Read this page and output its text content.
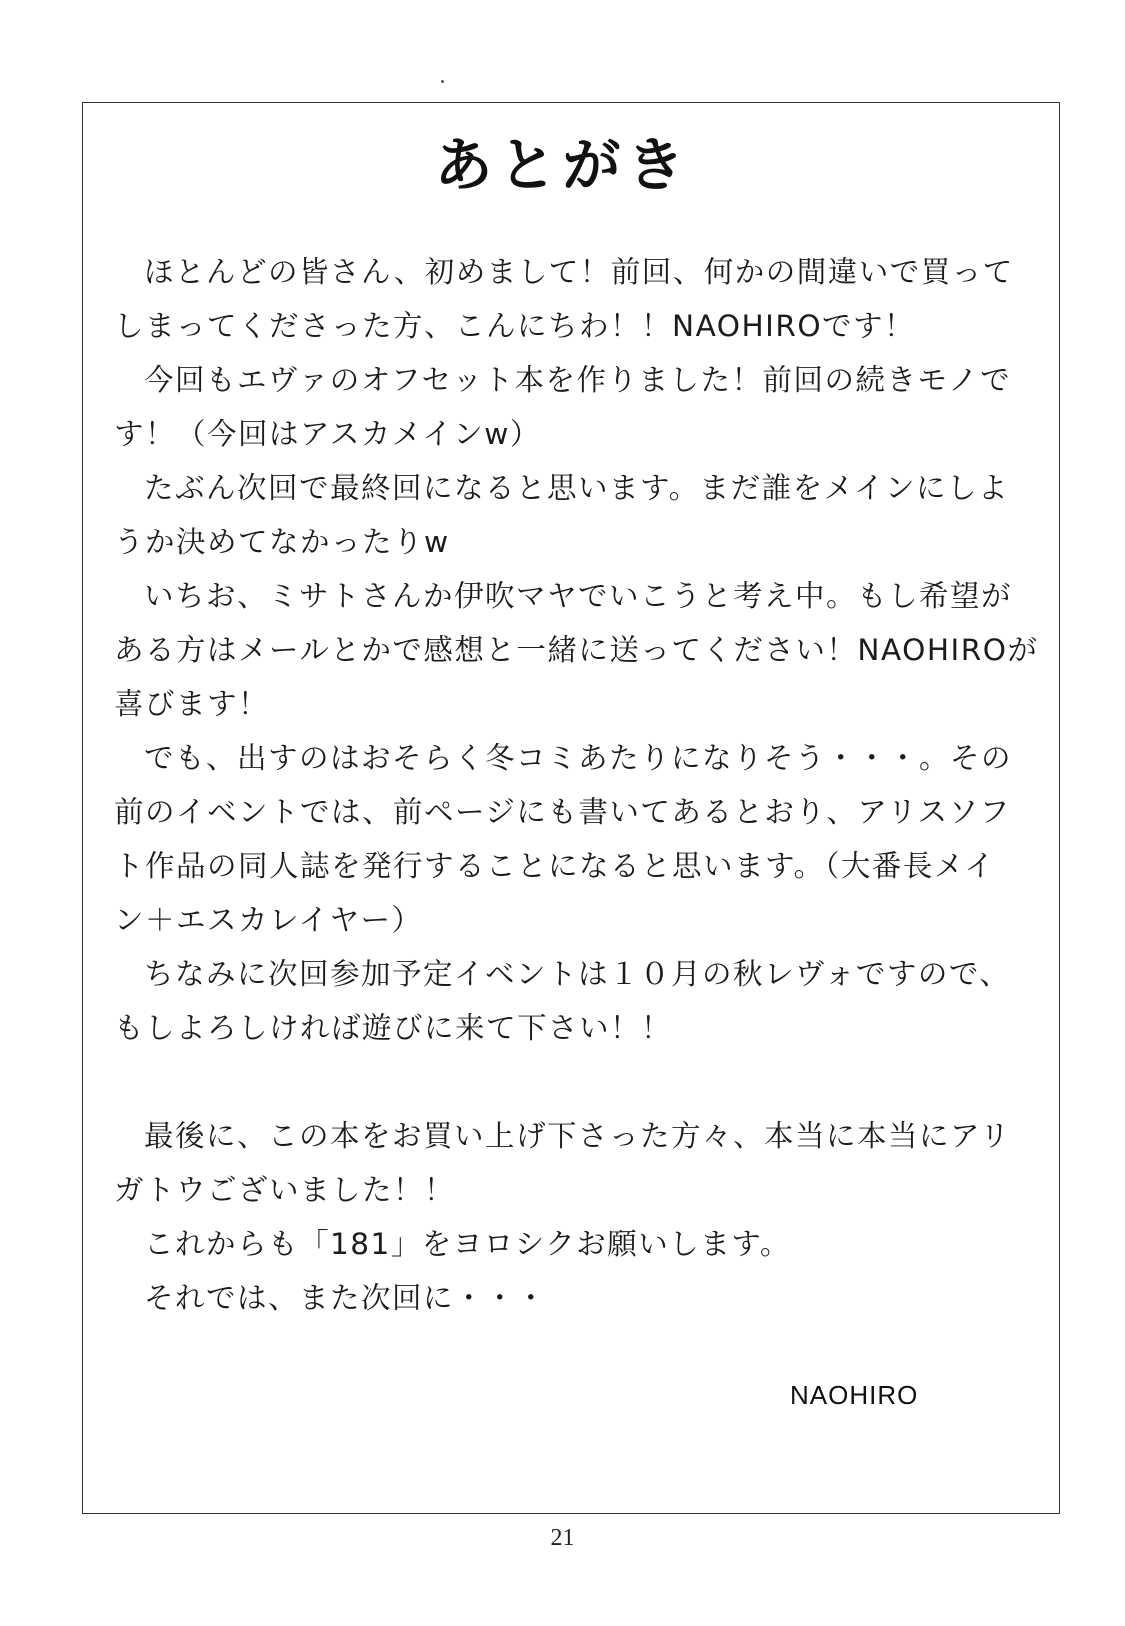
あとがき
ほとんどの皆さん、初めまして！前回、何かの間違いで買って
しまってくださった方、こんにちわ！！NAOHIROです！
今回もエヴァのオフセット本を作りました！前回の続きモノで
す！（今回はアスカメインw）
たぶん次回で最終回になると思います。まだ誰をメインにしよ
うか決めてなかったりw
いちお、ミサトさんか伊吹マヤでいこうと考え中。もし希望が
ある方はメールとかで感想と一緒に送ってください！NAOHIROが
喜びます！
でも、出すのはおそらく冬コミあたりになりそう・・・。その
前のイベントでは、前ページにも書いてあるとおり、アリスソフ
ト作品の同人誌を発行することになると思います。（大番長メイ
ン＋エスカレイヤー）
ちなみに次回参加予定イベントは１０月の秋レヴォですので、
もしよろしければ遊びに来て下さい！！
最後に、この本をお買い上げ下さった方々、本当に本当にアリ
ガトウございました！！
これからも「181」をヨロシクお願いします。
それでは、また次回に・・・
NAOHIRO
21
